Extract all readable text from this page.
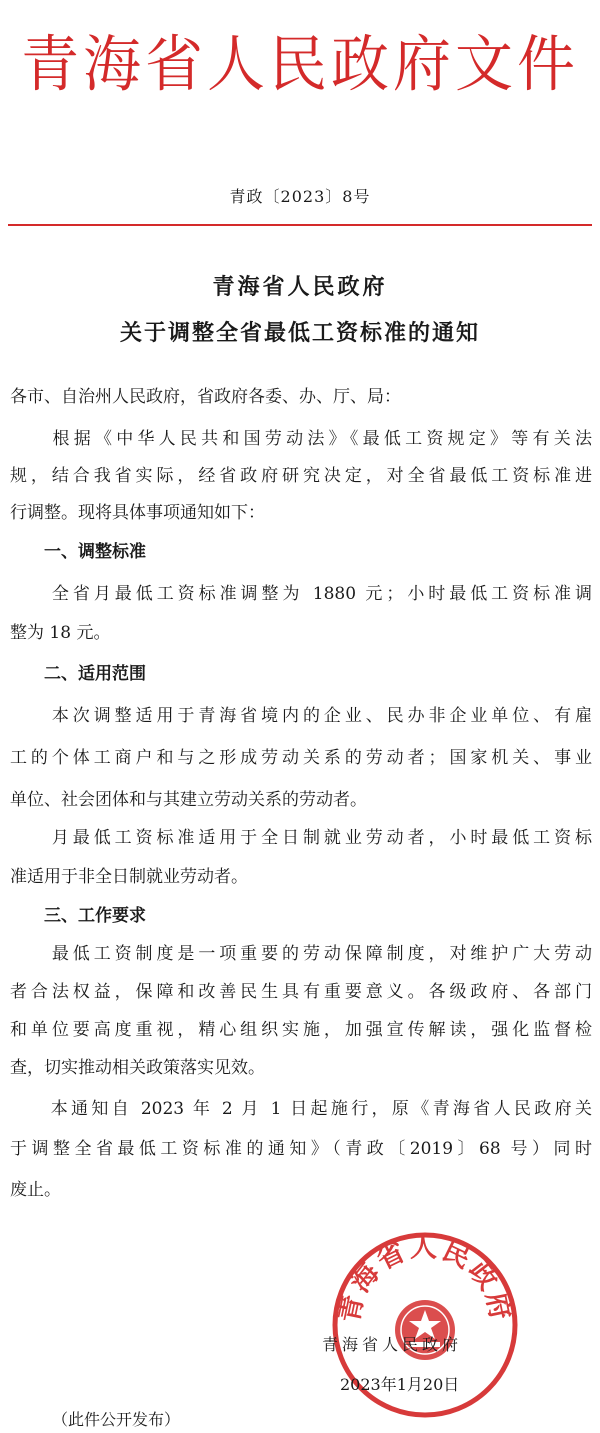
青海省人民政府文件
青政〔2023〕8号
青海省人民政府
关于调整全省最低工资标准的通知
各市、自治州人民政府，省政府各委、办、厅、局：
　　根据《中华人民共和国劳动法》《最低工资规定》等有关法
规，结合我省实际，经省政府研究决定，对全省最低工资标准进
行调整。现将具体事项通知如下：
　　一、调整标准
　　全省月最低工资标准调整为 1880 元；小时最低工资标准调
整为 18 元。
　　二、适用范围
　　本次调整适用于青海省境内的企业、民办非企业单位、有雇
工的个体工商户和与之形成劳动关系的劳动者；国家机关、事业
单位、社会团体和与其建立劳动关系的劳动者。
　　月最低工资标准适用于全日制就业劳动者，小时最低工资标
准适用于非全日制就业劳动者。
　　三、工作要求
　　最低工资制度是一项重要的劳动保障制度，对维护广大劳动
者合法权益，保障和改善民生具有重要意义。各级政府、各部门
和单位要高度重视，精心组织实施，加强宣传解读，强化监督检
查，切实推动相关政策落实见效。
　　本通知自 2023 年 2 月 1 日起施行，原《青海省人民政府关
于调整全省最低工资标准的通知》（青政〔2019〕68 号）同时
废止。
青海省人民政府
青海省人民政府
2023年1月20日
（此件公开发布）
